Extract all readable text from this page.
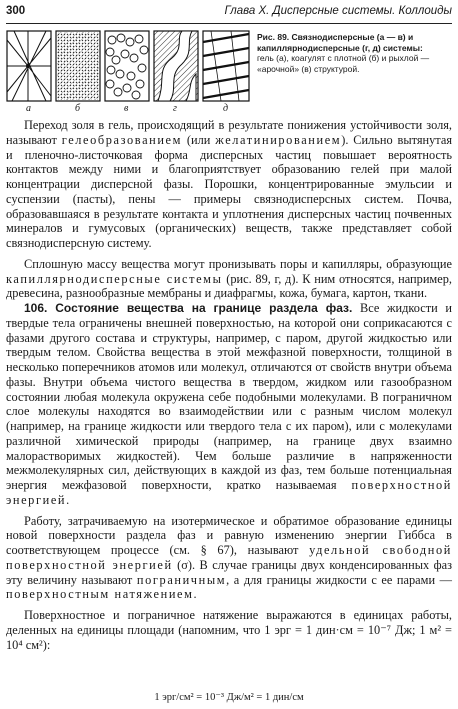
300	Глава X. Дисперсные системы. Коллоиды
а	б	в	г	д
Рис. 89. Связнодисперсные (а — в) и капиллярнодисперсные (г, д) системы:
гель (а), коагулят с плотной (б) и рыхлой — «арочной» (в) структурой.

Переход золя в гель, происходящий в результате понижения устойчивости золя, называют гелеобразованием (или желатинированием). Сильно вытянутая и пленочно-листочковая форма дисперсных частиц повышает вероятность контактов между ними и благоприятствует образованию гелей при малой концентрации дисперсной фазы. Порошки, концентрированные эмульсии и суспензии (пасты), пены — примеры связнодисперсных систем. Почва, образовавшаяся в результате контакта и уплотнения дисперсных частиц почвенных минералов и гумусовых (органических) веществ, также представляет собой связнодисперсную систему.

Сплошную массу вещества могут пронизывать поры и капилляры, образующие капиллярнодисперсные системы (рис. 89, г, д). К ним относятся, например, древесина, разнообразные мембраны и диафрагмы, кожа, бумага, картон, ткани.

106. Состояние вещества на границе раздела фаз. Все жидкости и твердые тела ограничены внешней поверхностью, на которой они соприкасаются с фазами другого состава и структуры, например, с паром, другой жидкостью или твердым телом. Свойства вещества в этой межфазной поверхности, толщиной в несколько поперечников атомов или молекул, отличаются от свойств внутри объема фазы. Внутри объема чистого вещества в твердом, жидком или газообразном состоянии любая молекула окружена себе подобными молекулами. В пограничном слое молекулы находятся во взаимодействии или с разным числом молекул (например, на границе жидкости или твердого тела с их паром), или с молекулами различной химической природы (например, на границе двух взаимно малорастворимых жидкостей). Чем больше различие в напряженности межмолекулярных сил, действующих в каждой из фаз, тем больше потенциальная энергия межфазовой поверхности, кратко называемая поверхностной энергией.

Работу, затрачиваемую на изотермическое и обратимое образование единицы новой поверхности раздела фаз и равную изменению энергии Гиббса в соответствующем процессе (см. § 67), называют удельной свободной поверхностной энергией (σ). В случае границы двух конденсированных фаз эту величину называют пограничным, а для границы жидкости с ее парами — поверхностным натяжением.

Поверхностное и пограничное натяжение выражаются в единицах работы, деленных на единицы площади (напомним, что 1 эрг = 1 дин·см = 10⁻⁷ Дж; 1 м² = 10⁴ см²):

1 эрг/см² = 10⁻³ Дж/м² = 1 дин/см
